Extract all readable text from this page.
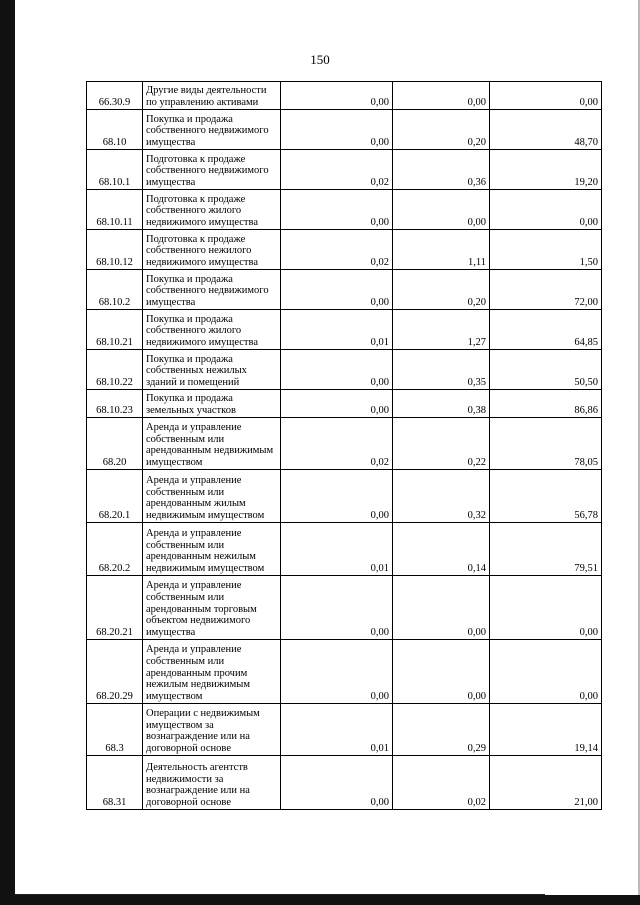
150
66.30.9	Другие виды деятельности по управлению активами	0,00	0,00	0,00
68.10	Покупка и продажа собственного недвижимого имущества	0,00	0,20	48,70
68.10.1	Подготовка к продаже собственного недвижимого имущества	0,02	0,36	19,20
68.10.11	Подготовка к продаже собственного жилого недвижимого имущества	0,00	0,00	0,00
68.10.12	Подготовка к продаже собственного нежилого недвижимого имущества	0,02	1,11	1,50
68.10.2	Покупка и продажа собственного недвижимого имущества	0,00	0,20	72,00
68.10.21	Покупка и продажа собственного жилого недвижимого имущества	0,01	1,27	64,85
68.10.22	Покупка и продажа собственных нежилых зданий и помещений	0,00	0,35	50,50
68.10.23	Покупка и продажа земельных участков	0,00	0,38	86,86
68.20	Аренда и управление собственным или арендованным недвижимым имуществом	0,02	0,22	78,05
68.20.1	Аренда и управление собственным или арендованным жилым недвижимым имуществом	0,00	0,32	56,78
68.20.2	Аренда и управление собственным или арендованным нежилым недвижимым имуществом	0,01	0,14	79,51
68.20.21	Аренда и управление собственным или арендованным торговым объектом недвижимого имущества	0,00	0,00	0,00
68.20.29	Аренда и управление собственным или арендованным прочим нежилым недвижимым имуществом	0,00	0,00	0,00
68.3	Операции с недвижимым имуществом за вознаграждение или на договорной основе	0,01	0,29	19,14
68.31	Деятельность агентств недвижимости за вознаграждение или на договорной основе	0,00	0,02	21,00
